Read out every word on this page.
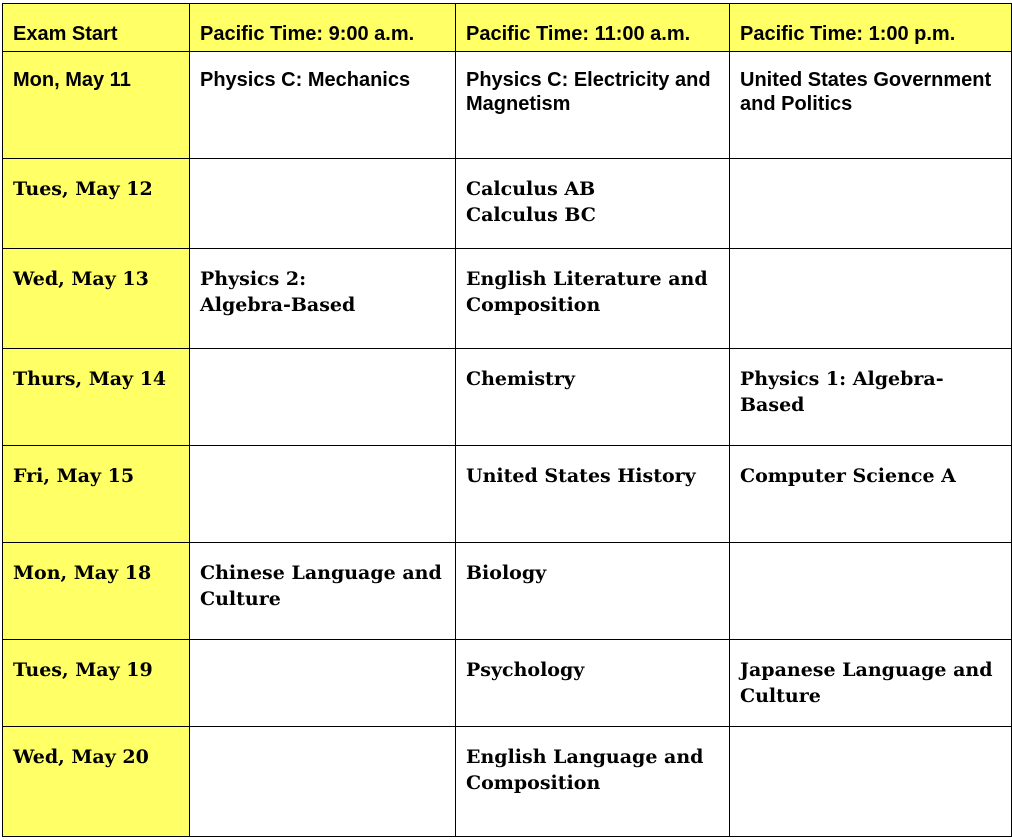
Exam Start	Pacific Time: 9:00 a.m.	Pacific Time: 11:00 a.m.	Pacific Time: 1:00 p.m.

Mon, May 11	Physics C: Mechanics	Physics C: Electricity and
Magnetism	United States Government
and Politics

Tues, May 12		Calculus AB
Calculus BC	

Wed, May 13	Physics 2:
Algebra-Based	English Literature and
Composition	

Thurs, May 14		Chemistry	Physics 1: Algebra-Based

Fri, May 15		United States History	Computer Science A

Mon, May 18	Chinese Language and
Culture	Biology	

Tues, May 19		Psychology	Japanese Language and
Culture

Wed, May 20		English Language and
Composition	
